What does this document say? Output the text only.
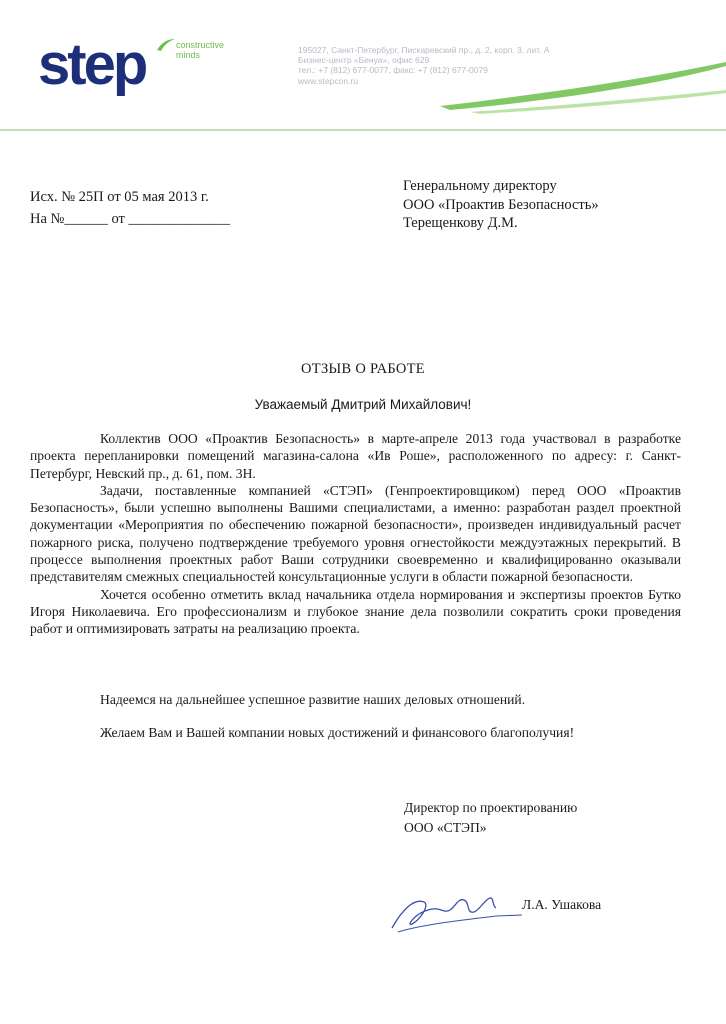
step	constructive
minds	195027, Санкт-Петербург, Пискаревский пр., д. 2, корп. 3, лит. А
Бизнес-центр «Бенуа», офис 629
тел.: +7 (812) 677-0077, факс: +7 (812) 677-0079
www.stepcon.ru
Исх. № 25П от 05 мая 2013 г.
На №______ от ______________
Генеральному директору
ООО «Проактив Безопасность»
Терещенкову Д.М.
ОТЗЫВ О РАБОТЕ
Уважаемый Дмитрий Михайлович!

Коллектив ООО «Проактив Безопасность» в марте-апреле 2013 года участвовал в разработке проекта перепланировки помещений магазина-салона «Ив Роше», расположенного по адресу: г. Санкт-Петербург, Невский пр., д. 61, пом. 3Н.

Задачи, поставленные компанией «СТЭП» (Генпроектировщиком) перед ООО «Проактив Безопасность», были успешно выполнены Вашими специалистами, а именно: разработан раздел проектной документации «Мероприятия по обеспечению пожарной безопасности», произведен индивидуальный расчет пожарного риска, получено подтверждение требуемого уровня огнестойкости междуэтажных перекрытий. В процессе выполнения проектных работ Ваши сотрудники своевременно и квалифицированно оказывали представителям смежных специальностей консультационные услуги в области пожарной безопасности.

Хочется особенно отметить вклад начальника отдела нормирования и экспертизы проектов Бутко Игоря Николаевича. Его профессионализм и глубокое знание дела позволили сократить сроки проведения работ и оптимизировать затраты на реализацию проекта.

Надеемся на дальнейшее успешное развитие наших деловых отношений.
Желаем Вам и Вашей компании новых достижений и финансового благополучия!
Директор по проектированию
ООО «СТЭП»
Л.А. Ушакова
